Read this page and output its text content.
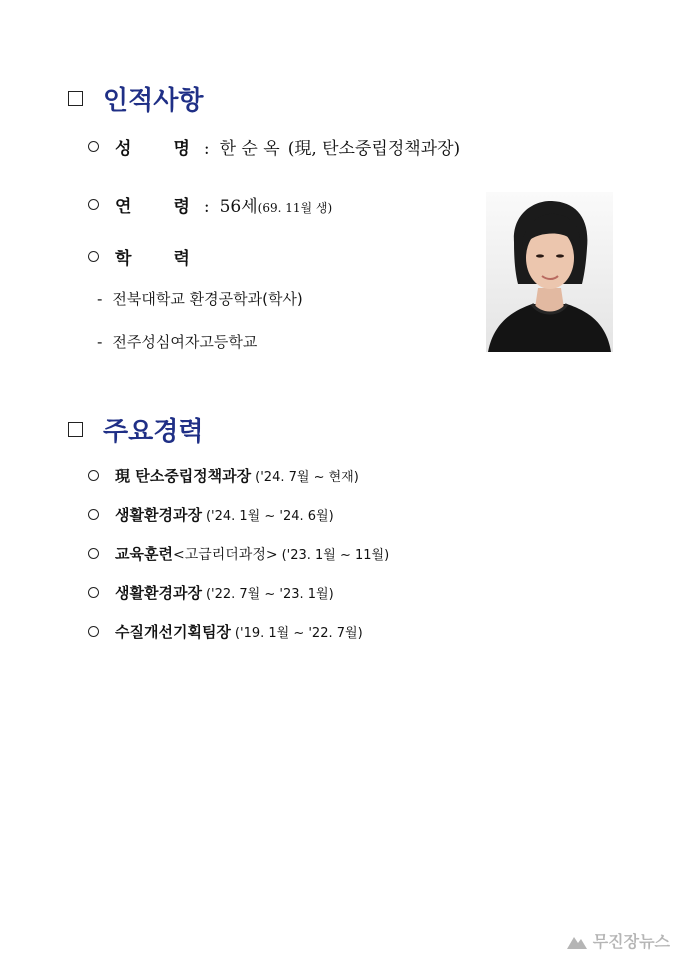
인적사항
성 명 : 한 순 옥 (現, 탄소중립정책과장)
연 령 : 56세 (69. 11월 생)
학 력
- 전북대학교 환경공학과(학사)
- 전주성심여자고등학교
주요경력
現 탄소중립정책과장 ('24. 7월 ~ 현재)
생활환경과장 ('24. 1월 ~ '24. 6월)
교육훈련 <고급리더과정> ('23. 1월 ~ 11월)
생활환경과장 ('22. 7월 ~ '23. 1월)
수질개선기획팀장 ('19. 1월 ~ '22. 7월)
무진장뉴스
